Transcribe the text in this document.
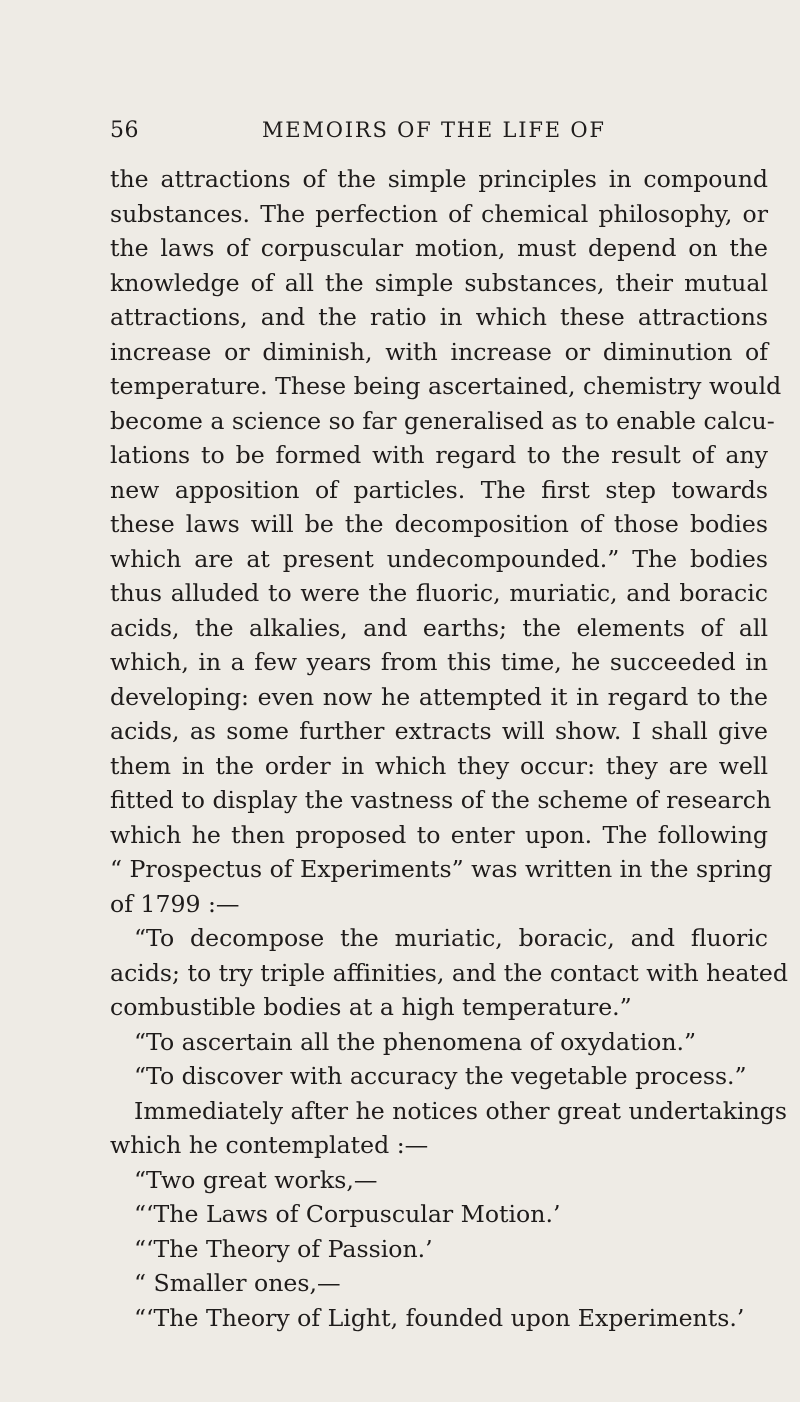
56	MEMOIRS OF THE LIFE OF
the attractions of the simple principles in compound
substances. The perfection of chemical philosophy, or
the laws of corpuscular motion, must depend on the
knowledge of all the simple substances, their mutual
attractions, and the ratio in which these attractions
increase or diminish, with increase or diminution of
temperature. These being ascertained, chemistry would
become a science so far generalised as to enable calcu-
lations to be formed with regard to the result of any
new apposition of particles. The first step towards
these laws will be the decomposition of those bodies
which are at present undecompounded.” The bodies
thus alluded to were the fluoric, muriatic, and boracic
acids, the alkalies, and earths; the elements of all
which, in a few years from this time, he succeeded in
developing: even now he attempted it in regard to the
acids, as some further extracts will show. I shall give
them in the order in which they occur: they are well
fitted to display the vastness of the scheme of research
which he then proposed to enter upon. The following
“ Prospectus of Experiments” was written in the spring
of 1799 :—
“To decompose the muriatic, boracic, and fluoric
acids; to try triple affinities, and the contact with heated
combustible bodies at a high temperature.”
“To ascertain all the phenomena of oxydation.”
“To discover with accuracy the vegetable process.”
Immediately after he notices other great undertakings
which he contemplated :—
“Two great works,—
“‘The Laws of Corpuscular Motion.’
“‘The Theory of Passion.’
“ Smaller ones,—
“‘The Theory of Light, founded upon Experiments.’
